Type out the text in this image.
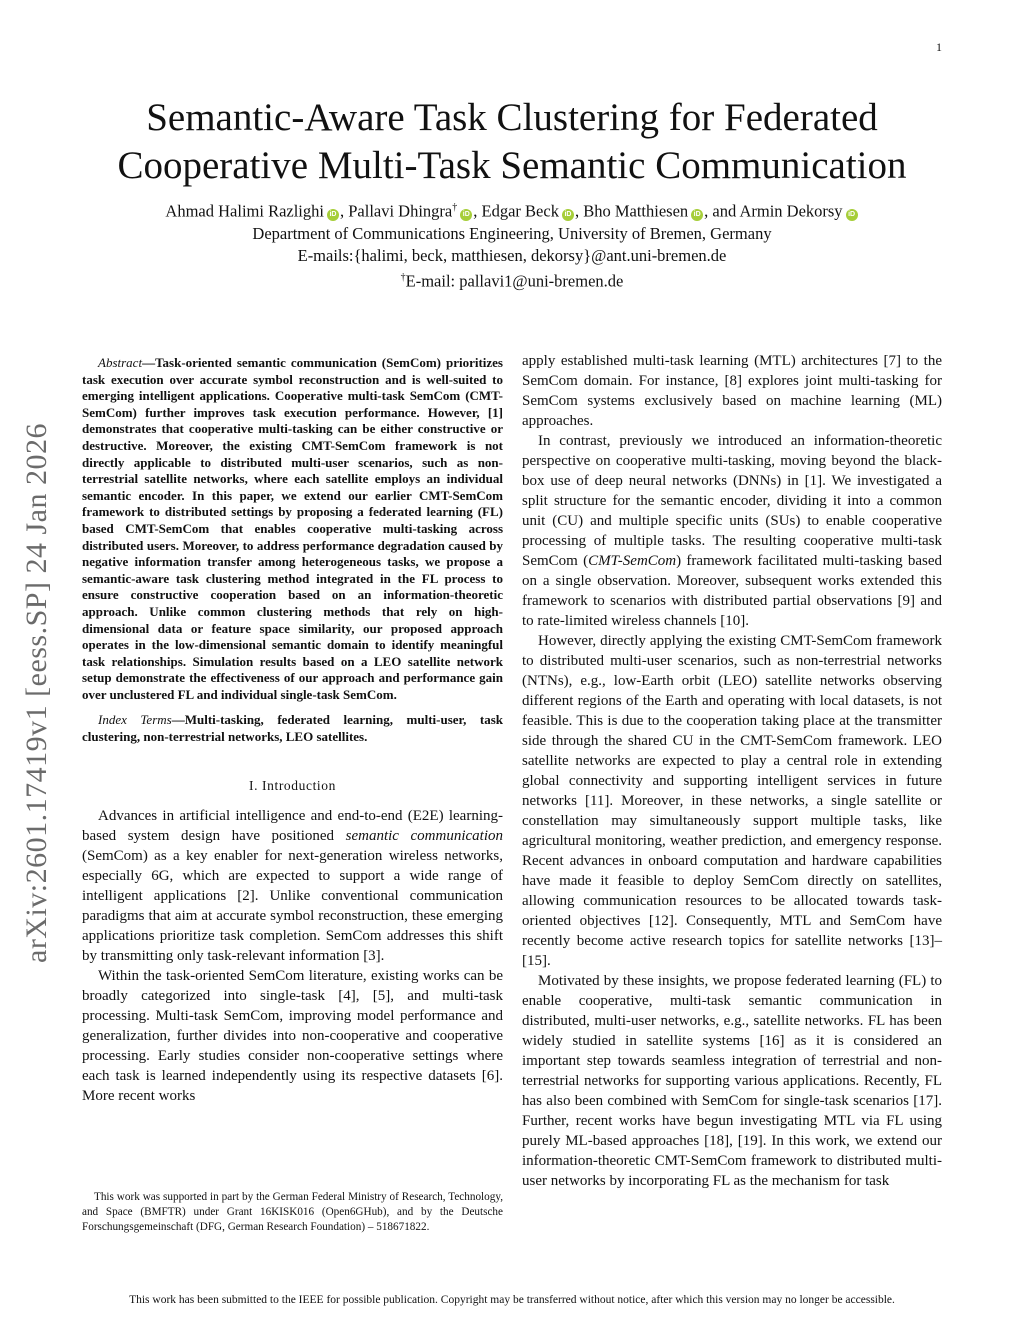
1
arXiv:2601.17419v1 [eess.SP] 24 Jan 2026
Semantic-Aware Task Clustering for Federated
Cooperative Multi-Task Semantic Communication
Ahmad Halimi Razlighi iD , Pallavi Dhingra†iD , Edgar Beck iD , Bho Matthiesen iD , and Armin Dekorsy iD
Department of Communications Engineering, University of Bremen, Germany
E-mails:{halimi, beck, matthiesen, dekorsy}@ant.uni-bremen.de
†E-mail: pallavi1@uni-bremen.de

Abstract—Task-oriented semantic communication (SemCom) prioritizes task execution over accurate symbol reconstruction and is well-suited to emerging intelligent applications. Cooperative multi-task SemCom (CMT-SemCom) further improves task execution performance. However, [1] demonstrates that cooperative multi-tasking can be either constructive or destructive. Moreover, the existing CMT-SemCom framework is not directly applicable to distributed multi-user scenarios, such as non-terrestrial satellite networks, where each satellite employs an individual semantic encoder. In this paper, we extend our earlier CMT-SemCom framework to distributed settings by proposing a federated learning (FL) based CMT-SemCom that enables cooperative multi-tasking across distributed users. Moreover, to address performance degradation caused by negative information transfer among heterogeneous tasks, we propose a semantic-aware task clustering method integrated in the FL process to ensure constructive cooperation based on an information-theoretic approach. Unlike common clustering methods that rely on high-dimensional data or feature space similarity, our proposed approach operates in the low-dimensional semantic domain to identify meaningful task relationships. Simulation results based on a LEO satellite network setup demonstrate the effectiveness of our approach and performance gain over unclustered FL and individual single-task SemCom.

Index Terms—Multi-tasking, federated learning, multi-user, task clustering, non-terrestrial networks, LEO satellites.

I. Introduction

Advances in artificial intelligence and end-to-end (E2E) learning-based system design have positioned semantic communication (SemCom) as a key enabler for next-generation wireless networks, especially 6G, which are expected to support a wide range of intelligent applications [2]. Unlike conventional communication paradigms that aim at accurate symbol reconstruction, these emerging applications prioritize task completion. SemCom addresses this shift by transmitting only task-relevant information [3].

Within the task-oriented SemCom literature, existing works can be broadly categorized into single-task [4], [5], and multi-task processing. Multi-task SemCom, improving model performance and generalization, further divides into non-cooperative and cooperative processing. Early studies consider non-cooperative settings where each task is learned independently using its respective datasets [6]. More recent works

This work was supported in part by the German Federal Ministry of Research, Technology, and Space (BMFTR) under Grant 16KISK016 (Open6GHub), and by the Deutsche Forschungsgemeinschaft (DFG, German Research Foundation) – 518671822.

apply established multi-task learning (MTL) architectures [7] to the SemCom domain. For instance, [8] explores joint multi-tasking for SemCom systems exclusively based on machine learning (ML) approaches.

In contrast, previously we introduced an information-theoretic perspective on cooperative multi-tasking, moving beyond the black-box use of deep neural networks (DNNs) in [1]. We investigated a split structure for the semantic encoder, dividing it into a common unit (CU) and multiple specific units (SUs) to enable cooperative processing of multiple tasks. The resulting cooperative multi-task SemCom (CMT-SemCom) framework facilitated multi-tasking based on a single observation. Moreover, subsequent works extended this framework to scenarios with distributed partial observations [9] and to rate-limited wireless channels [10].

However, directly applying the existing CMT-SemCom framework to distributed multi-user scenarios, such as non-terrestrial networks (NTNs), e.g., low-Earth orbit (LEO) satellite networks observing different regions of the Earth and operating with local datasets, is not feasible. This is due to the cooperation taking place at the transmitter side through the shared CU in the CMT-SemCom framework. LEO satellite networks are expected to play a central role in extending global connectivity and supporting intelligent services in future networks [11]. Moreover, in these networks, a single satellite or constellation may simultaneously support multiple tasks, like agricultural monitoring, weather prediction, and emergency response. Recent advances in onboard computation and hardware capabilities have made it feasible to deploy SemCom directly on satellites, allowing communication resources to be allocated towards task-oriented objectives [12]. Consequently, MTL and SemCom have recently become active research topics for satellite networks [13]–[15].

Motivated by these insights, we propose federated learning (FL) to enable cooperative, multi-task semantic communication in distributed, multi-user networks, e.g., satellite networks. FL has been widely studied in satellite systems [16] as it is considered an important step towards seamless integration of terrestrial and non-terrestrial networks for supporting various applications. Recently, FL has also been combined with SemCom for single-task scenarios [17]. Further, recent works have begun investigating MTL via FL using purely ML-based approaches [18], [19]. In this work, we extend our information-theoretic CMT-SemCom framework to distributed multi-user networks by incorporating FL as the mechanism for task

This work has been submitted to the IEEE for possible publication. Copyright may be transferred without notice, after which this version may no longer be accessible.
